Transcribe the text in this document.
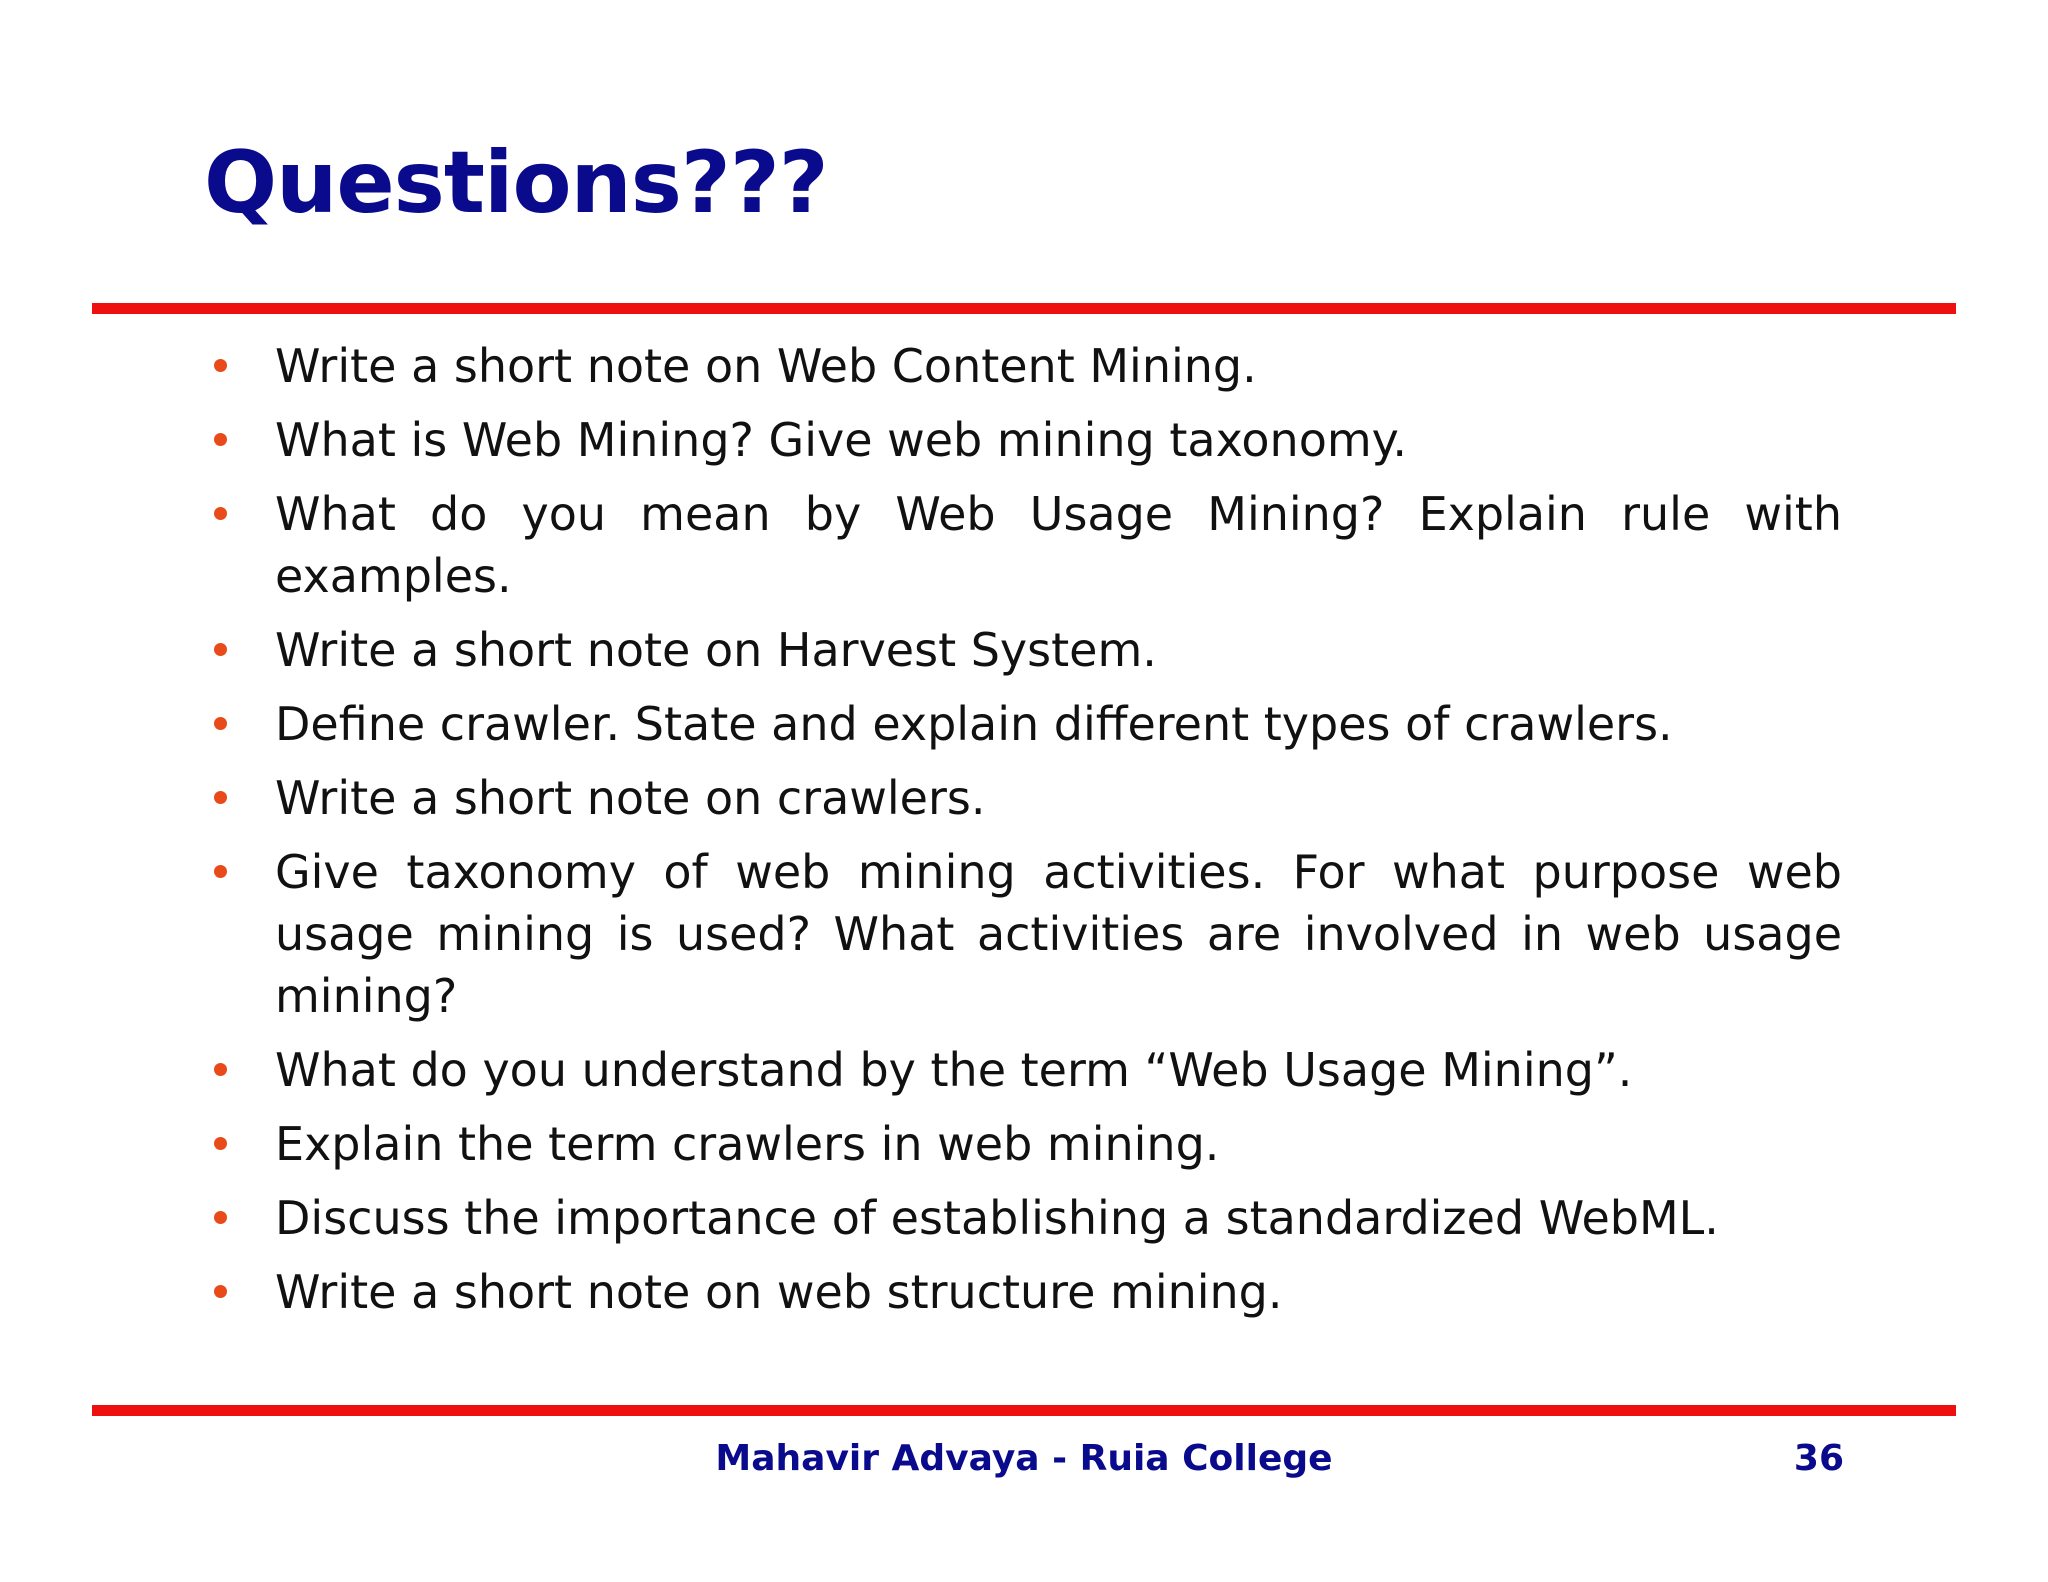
Questions???
Write a short note on Web Content Mining.
What is Web Mining? Give web mining taxonomy.
What do you mean by Web Usage Mining? Explain rule with examples.
Write a short note on Harvest System.
Define crawler. State and explain different types of crawlers.
Write a short note on crawlers.
Give taxonomy of web mining activities. For what purpose web usage mining is used? What activities are involved in web usage mining?
What do you understand by the term “Web Usage Mining”.
Explain the term crawlers in web mining.
Discuss the importance of establishing a standardized WebML.
Write a short note on web structure mining.
Mahavir Advaya - Ruia College	36
